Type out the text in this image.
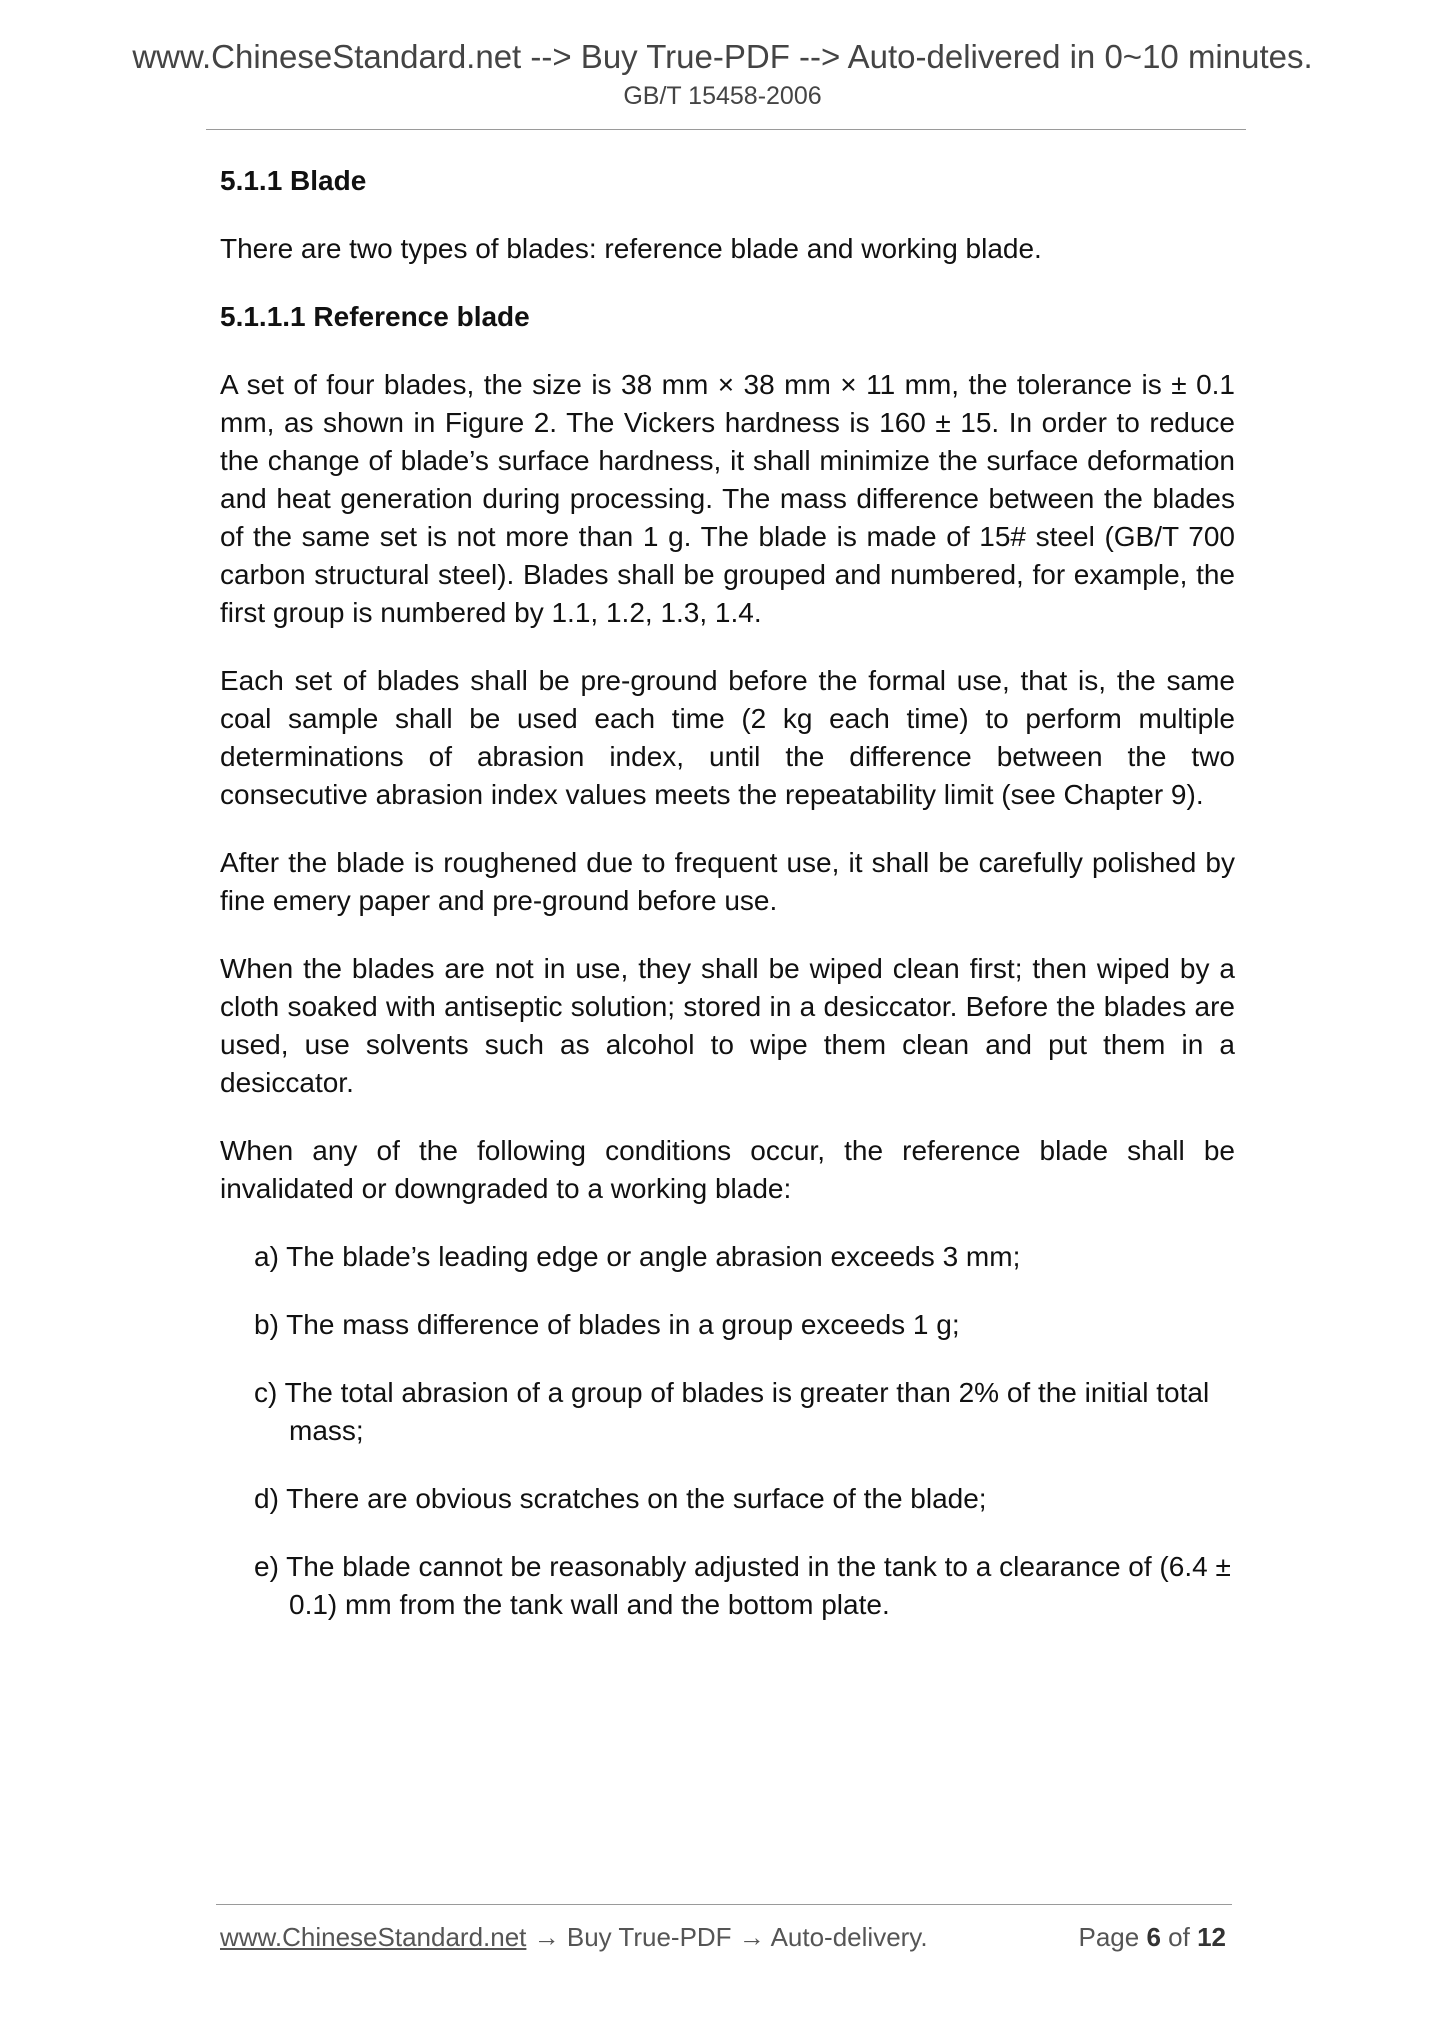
www.ChineseStandard.net --> Buy True-PDF --> Auto-delivered in 0~10 minutes.
GB/T 15458-2006
5.1.1 Blade
There are two types of blades: reference blade and working blade.
5.1.1.1 Reference blade
A set of four blades, the size is 38 mm × 38 mm × 11 mm, the tolerance is ± 0.1 mm, as shown in Figure 2. The Vickers hardness is 160 ± 15. In order to reduce the change of blade’s surface hardness, it shall minimize the surface deformation and heat generation during processing. The mass difference between the blades of the same set is not more than 1 g. The blade is made of 15# steel (GB/T 700 carbon structural steel). Blades shall be grouped and numbered, for example, the first group is numbered by 1.1, 1.2, 1.3, 1.4.
Each set of blades shall be pre-ground before the formal use, that is, the same coal sample shall be used each time (2 kg each time) to perform multiple determinations of abrasion index, until the difference between the two consecutive abrasion index values meets the repeatability limit (see Chapter 9).
After the blade is roughened due to frequent use, it shall be carefully polished by fine emery paper and pre-ground before use.
When the blades are not in use, they shall be wiped clean first; then wiped by a cloth soaked with antiseptic solution; stored in a desiccator. Before the blades are used, use solvents such as alcohol to wipe them clean and put them in a desiccator.
When any of the following conditions occur, the reference blade shall be invalidated or downgraded to a working blade:
a) The blade’s leading edge or angle abrasion exceeds 3 mm;
b) The mass difference of blades in a group exceeds 1 g;
c) The total abrasion of a group of blades is greater than 2% of the initial total mass;
d) There are obvious scratches on the surface of the blade;
e) The blade cannot be reasonably adjusted in the tank to a clearance of (6.4 ± 0.1) mm from the tank wall and the bottom plate.
www.ChineseStandard.net → Buy True-PDF → Auto-delivery.	Page 6 of 12
